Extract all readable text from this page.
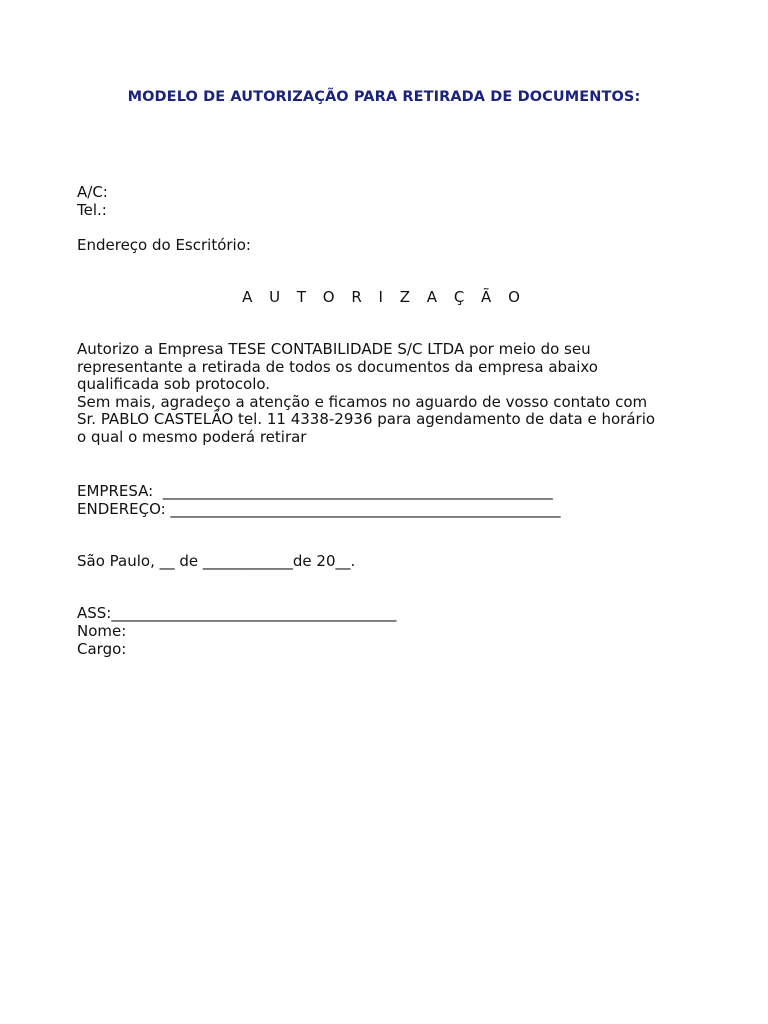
MODELO DE AUTORIZAÇÃO PARA RETIRADA DE DOCUMENTOS:
A/C:
Tel.:
Endereço do Escritório:
A U T O R I Z A Ç Ã O
Autorizo a Empresa TESE CONTABILIDADE S/C LTDA por meio do seu
representante a retirada de todos os documentos da empresa abaixo
qualificada sob protocolo.
Sem mais, agradeço a atenção e ficamos no aguardo de vosso contato com
Sr. PABLO CASTELÃO tel. 11 4338-2936 para agendamento de data e horário
o qual o mesmo poderá retirar
EMPRESA:  ____________________________________________________
ENDEREÇO: ____________________________________________________
São Paulo, __ de ____________de 20__.
ASS:______________________________________
Nome:
Cargo:
